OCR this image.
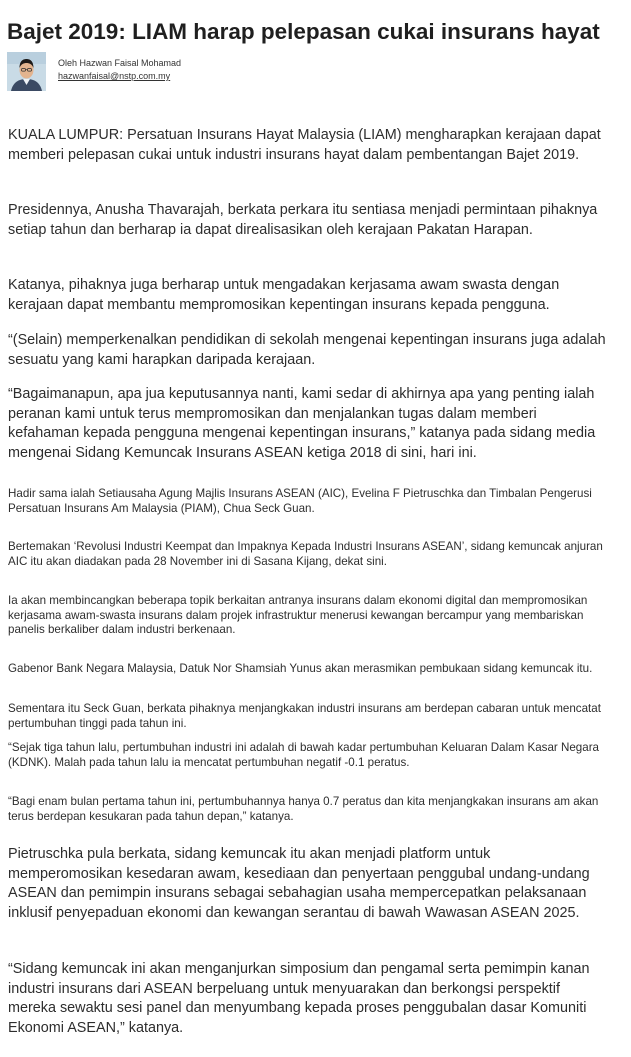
Bajet 2019: LIAM harap pelepasan cukai insurans hayat
Oleh Hazwan Faisal Mohamad
hazwanfaisal@nstp.com.my

KUALA LUMPUR: Persatuan Insurans Hayat Malaysia (LIAM) mengharapkan kerajaan dapat memberi pelepasan cukai untuk industri insurans hayat dalam pembentangan Bajet 2019.

Presidennya, Anusha Thavarajah, berkata perkara itu sentiasa menjadi permintaan pihaknya setiap tahun dan berharap ia dapat direalisasikan oleh kerajaan Pakatan Harapan.

Katanya, pihaknya juga berharap untuk mengadakan kerjasama awam swasta dengan kerajaan dapat membantu mempromosikan kepentingan insurans kepada pengguna.

“(Selain) memperkenalkan pendidikan di sekolah mengenai kepentingan insurans juga adalah sesuatu yang kami harapkan daripada kerajaan.

“Bagaimanapun, apa jua keputusannya nanti, kami sedar di akhirnya apa yang penting ialah peranan kami untuk terus mempromosikan dan menjalankan tugas dalam memberi kefahaman kepada pengguna mengenai kepentingan insurans,” katanya pada sidang media mengenai Sidang Kemuncak Insurans ASEAN ketiga 2018 di sini, hari ini.

Hadir sama ialah Setiausaha Agung Majlis Insurans ASEAN (AIC), Evelina F Pietruschka dan Timbalan Pengerusi Persatuan Insurans Am Malaysia (PIAM), Chua Seck Guan.

Bertemakan ‘Revolusi Industri Keempat dan Impaknya Kepada Industri Insurans ASEAN’, sidang kemuncak anjuran AIC itu akan diadakan pada 28 November ini di Sasana Kijang, dekat sini.

Ia akan membincangkan beberapa topik berkaitan antranya insurans dalam ekonomi digital dan mempromosikan kerjasama awam-swasta insurans dalam projek infrastruktur menerusi kewangan bercampur yang membariskan panelis berkaliber dalam industri berkenaan.

Gabenor Bank Negara Malaysia, Datuk Nor Shamsiah Yunus akan merasmikan pembukaan sidang kemuncak itu.

Sementara itu Seck Guan, berkata pihaknya menjangkakan industri insurans am berdepan cabaran untuk mencatat pertumbuhan tinggi pada tahun ini.

“Sejak tiga tahun lalu, pertumbuhan industri ini adalah di bawah kadar pertumbuhan Keluaran Dalam Kasar Negara (KDNK). Malah pada tahun lalu ia mencatat pertumbuhan negatif -0.1 peratus.

“Bagi enam bulan pertama tahun ini, pertumbuhannya hanya 0.7 peratus dan kita menjangkakan insurans am akan terus berdepan kesukaran pada tahun depan,” katanya.

Pietruschka pula berkata, sidang kemuncak itu akan menjadi platform untuk memperomosikan kesedaran awam, kesediaan dan penyertaan penggubal undang-undang ASEAN dan pemimpin insurans sebagai sebahagian usaha mempercepatkan pelaksanaan inklusif penyepaduan ekonomi dan kewangan serantau di bawah Wawasan ASEAN 2025.

“Sidang kemuncak ini akan menganjurkan simposium dan pengamal serta pemimpin kanan industri insurans dari ASEAN berpeluang untuk menyuarakan dan berkongsi perspektif mereka sewaktu sesi panel dan menyumbang kepada proses penggubalan dasar Komuniti Ekonomi ASEAN,” katanya.
